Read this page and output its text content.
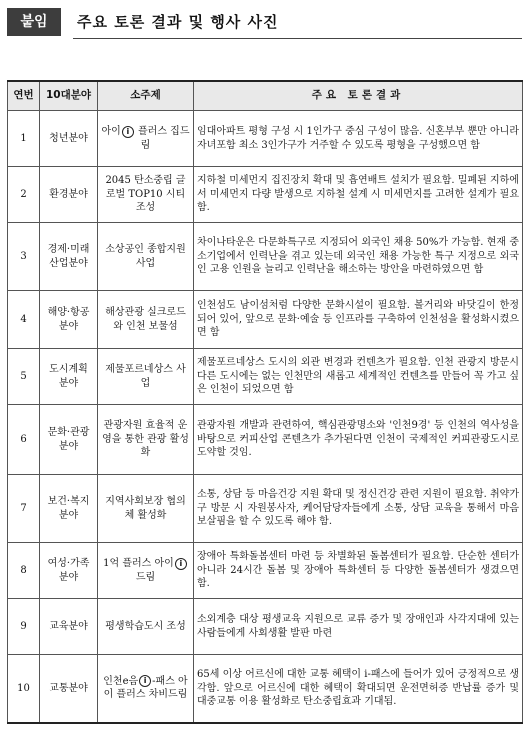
붙임	주요 토론 결과 및 행사 사진
연번	10대분야	소주제	주요 토론결과
1	청년분야	아이 i 플러스 집드림	임대아파트 평형 구성 시 1인가구 중심 구성이 많음. 신혼부부 뿐만 아니라 자녀포함 최소 3인가구가 거주할 수 있도록 평형을 구성했으면 함
2	환경분야	2045 탄소중립 글로벌 TOP10 시티 조성	지하철 미세먼지 집진장치 확대 및 흡연배트 설치가 필요함. 밀폐된 지하에서 미세먼지 다량 발생으로 지하철 설계 시 미세먼지를 고려한 설계가 필요함.
3	경제·미래 산업분야	소상공인 종합지원 사업	차이나타운은 다문화특구로 지정되어 외국인 채용 50%가 가능함. 현재 중소기업에서 인력난을 겪고 있는데 외국인 채용 가능한 특구 지정으로 외국인 고용 인원을 늘리고 인력난을 해소하는 방안을 마련하였으면 함
4	해양·항공 분야	해상관광 실크로드와 인천 보물섬	인천섬도 남이섬처럼 다양한 문화시설이 필요함. 볼거리와 바닷길이 한정되어 있어, 앞으로 문화·예술 등 인프라를 구축하여 인천섬을 활성화시켰으면 함
5	도시계획 분야	제물포르네상스 사업	제물포르네상스 도시의 외관 변경과 컨텐츠가 필요함. 인천 관광지 방문시 다른 도시에는 없는 인천만의 새롭고 세계적인 컨텐츠를 만들어 꼭 가고 싶은 인천이 되었으면 함
6	문화·관광 분야	관광자원 효율적 운영을 통한 관광 활성화	관광자원 개발과 관련하여, 핵심관광명소와 '인천9경' 등 인천의 역사성을 바탕으로 커피산업 콘텐츠가 추가된다면 인천이 국제적인 커피관광도시로 도약할 것임.
7	보건·복지 분야	지역사회보장 협의체 활성화	소통, 상담 등 마음건강 지원 확대 및 정신건강 관련 지원이 필요함. 취약가구 방문 시 자원봉사자, 케어담당자들에게 소통, 상담 교육을 통해서 마음 보살핌을 할 수 있도록 해야 함.
8	여성·가족 분야	1억 플러스 아이 i드림	장애아 특화돌봄센터 마련 등 차별화된 돌봄센터가 필요함. 단순한 센터가 아니라 24시간 돌봄 및 장애아 특화센터 등 다양한 돌봄센터가 생겼으면 함.
9	교육분야	평생학습도시 조성	소외계층 대상 평생교육 지원으로 교류 증가 및 장애인과 사각지대에 있는 사람들에게 사회생활 발판 마련
10	교통분야	인천e음 i -패스 아이 플러스 차비드림	65세 이상 어르신에 대한 교통 혜택이 i-패스에 들어가 있어 긍정적으로 생각함. 앞으로 어르신에 대한 혜택이 확대되면 운전면허증 반납률 증가 및 대중교통 이용 활성화로 탄소중립효과 기대됨.
